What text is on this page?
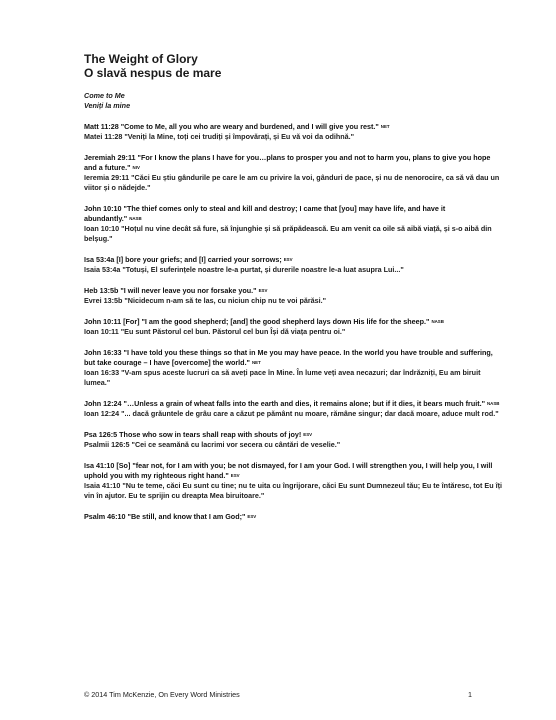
The Weight of Glory

O slavă nespus de mare

Come to Me

Veniți la mine

Matt 11:28 "Come to Me, all you who are weary and burdened, and I will give you rest." NET

Matei 11:28 "Veniți la Mine, toți cei trudiți și împovărați, și Eu vă voi da odihnă."

Jeremiah 29:11 "For I know the plans I have for you…plans to prosper you and not to harm you, plans to give you hope and a future." NIV

Ieremia 29:11 "Căci Eu știu gândurile pe care le am cu privire la voi, gânduri de pace, și nu de nenorocire, ca să vă dau un viitor și o nădejde."

John 10:10 "The thief comes only to steal and kill and destroy; I came that [you] may have life, and have it abundantly." NASB

Ioan 10:10 "Hoțul nu vine decât să fure, să înjunghie și să prăpădească. Eu am venit ca oile să aibă viață, și s-o aibă din belșug."

Isa 53:4a [I] bore your griefs; and [I] carried your sorrows; ESV

Isaia 53:4a "Totuși, El suferințele noastre le-a purtat, și durerile noastre le-a luat asupra Lui..."

Heb 13:5b "I will never leave you nor forsake you." ESV

Evrei 13:5b "Nicidecum n-am să te las, cu niciun chip nu te voi părăsi."

John 10:11 [For] "I am the good shepherd; [and] the good shepherd lays down His life for the sheep." NASB

Ioan 10:11 "Eu sunt Păstorul cel bun. Păstorul cel bun Își dă viața pentru oi."

John 16:33 "I have told you these things so that in Me you may have peace. In the world you have trouble and suffering, but take courage – I have [overcome] the world." NET

Ioan 16:33 "V-am spus aceste lucruri ca să aveți pace în Mine. În lume veți avea necazuri; dar îndrăzniți, Eu am biruit lumea."

John 12:24 "…Unless a grain of wheat falls into the earth and dies, it remains alone; but if it dies, it bears much fruit." NASB

Ioan 12:24 "... dacă grăuntele de grâu care a căzut pe pământ nu moare, rămâne singur; dar dacă moare, aduce mult rod."

Psa 126:5 Those who sow in tears shall reap with shouts of joy! ESV

Psalmii 126:5 "Cei ce seamănă cu lacrimi vor secera cu cântări de veselie."

Isa 41:10 [So] "fear not, for I am with you; be not dismayed, for I am your God. I will strengthen you, I will help you, I will uphold you with my righteous right hand." ESV

Isaia 41:10 "Nu te teme, căci Eu sunt cu tine; nu te uita cu îngrijorare, căci Eu sunt Dumnezeul tău; Eu te întăresc, tot Eu îți vin în ajutor. Eu te sprijin cu dreapta Mea biruitoare."

Psalm 46:10 "Be still, and know that I am God;" ESV

© 2014 Tim McKenzie, On Every Word Ministries	1
